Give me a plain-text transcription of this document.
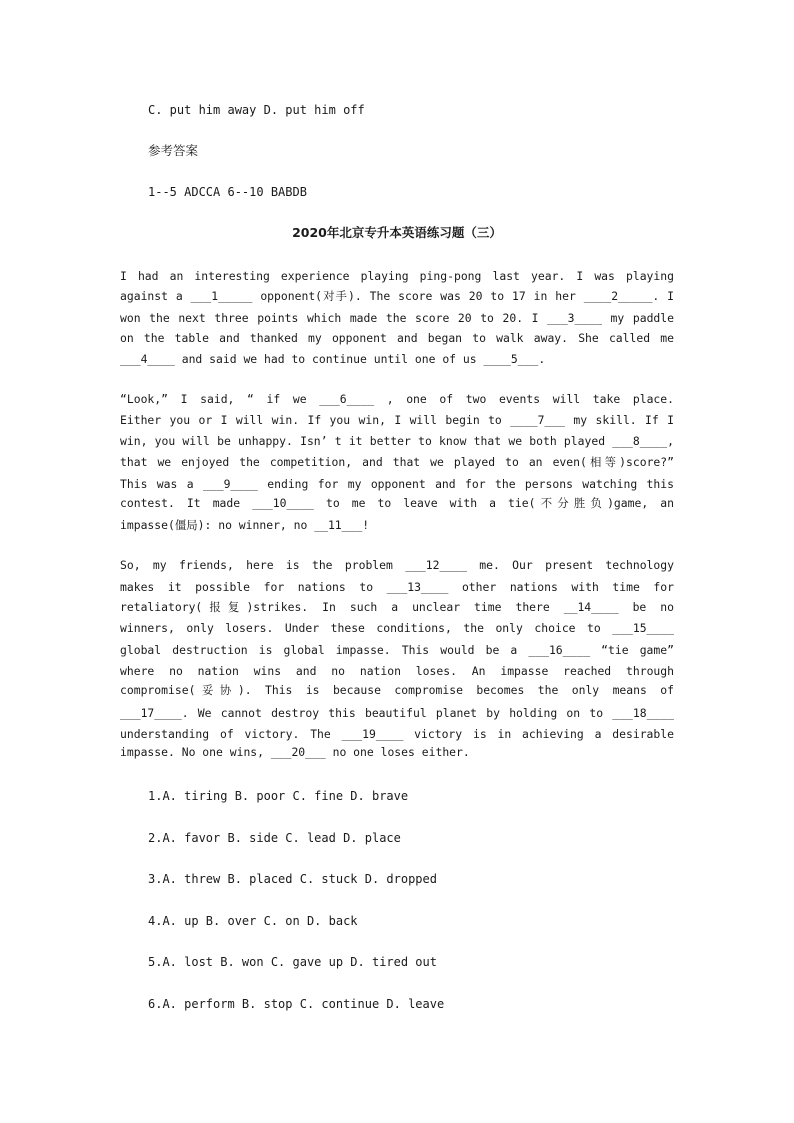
C. put him away D. put him off
参考答案
1--5 ADCCA 6--10 BABDB
2020年北京专升本英语练习题（三）
I had an interesting experience playing ping-pong last year. I was playing
against a ___1_____ opponent(对手). The score was 20 to 17 in her ____2_____. I
won the next three points which made the score 20 to 20. I ___3____ my paddle
on the table and thanked my opponent and began to walk away. She called me
___4____ and said we had to continue until one of us ____5___.
“Look,” I said, “ if we ___6____ , one of two events will take place.
Either you or I will win. If you win, I will begin to ____7___ my skill. If I
win, you will be unhappy. Isn’ t it better to know that we both played ___8____,
that we enjoyed the competition, and that we played to an even(相等)score?”
This was a ___9____ ending for my opponent and for the persons watching this
contest. It made ___10____ to me to leave with a tie(不分胜负)game, an
impasse(僵局): no winner, no __11___!
So, my friends, here is the problem ___12____ me. Our present technology
makes it possible for nations to ___13____ other nations with time for
retaliatory(报复)strikes. In such a unclear time there __14____ be no
winners, only losers. Under these conditions, the only choice to ___15____
global destruction is global impasse. This would be a ___16____ “tie game”
where no nation wins and no nation loses. An impasse reached through
compromise(妥协). This is because compromise becomes the only means of
___17____. We cannot destroy this beautiful planet by holding on to ___18____
understanding of victory. The ___19____ victory is in achieving a desirable
impasse. No one wins, ___20___ no one loses either.
1.A. tiring B. poor C. fine D. brave
2.A. favor B. side C. lead D. place
3.A. threw B. placed C. stuck D. dropped
4.A. up B. over C. on D. back
5.A. lost B. won C. gave up D. tired out
6.A. perform B. stop C. continue D. leave
